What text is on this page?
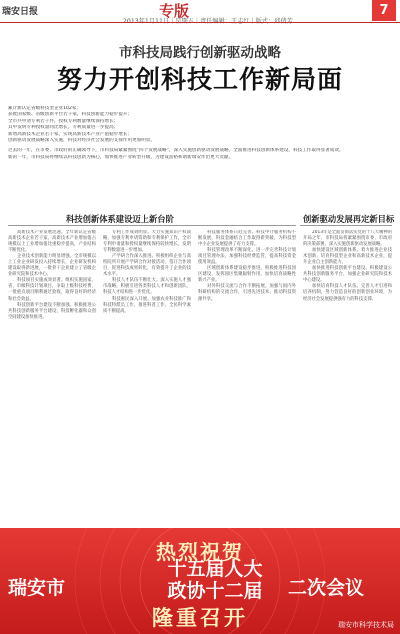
瑞安日报	专版	7
市科技局践行创新驱动战略
努力开创科技工作新局面
累计新认定省级科技型企业102家；
获批国家级、省级创新平台若干家，科技创新能力稳步提升；
全市共申请专利若干件，授权专利数量继续保持增长；
其中发明专利授权量同比增长，专利质量进一步提高；
新增高新技术企业若干家，实现高新技术产业产值稳步增长；
创新驱动发展战略深入实施，科技对经济社会发展的支撑作用更加明显。
过去的一年，在市委、市政府的正确领导下，市科技局紧紧围绕“四个发展战略”，深入实施创新驱动发展战略，全面推进科技创新体系建设，科技工作取得显著成效。
新的一年，市科技局将继续以科技创新为核心，加快推进产业转型升级，为建设富裕和谐新瑞安作出更大贡献。
科技创新体系建设迈上新台阶	创新驱动发展再定新目标

高新技术产业发展迅速。全年新认定省级高新技术企业若干家，高新技术产业增加值占规模以上工业增加值比重稳步提高，产业结构不断优化。

企业技术创新能力明显增强。全市规模以上工业企业研发投入持续增长，企业研发机构建设取得新进展，一批骨干企业建立了省级企业研究院和技术中心。

科技项目实施成效显著。组织实施国家、省、市级科技计划项目，争取上级科技经费，一批重点项目顺利通过验收，取得良好的经济和社会效益。

科技创新平台建设不断加强。积极推进公共科技创新服务平台建设，科技孵化器和众创空间建设加快推进。

专利工作成效明显。大力实施知识产权战略，加强专利申请资助和专利保护工作，全市专利申请量和授权量继续保持较快增长，发明专利数量进一步增加。

产学研合作深入推进。积极组织企业与高校院所开展产学研合作对接活动，签订合作项目，促进科技成果转化，有效提升了企业的技术水平。

科技人才队伍不断壮大。深入实施人才强市战略，积极引进各类科技人才和创新团队，科技人才结构进一步优化。

科技惠民深入开展。加强农业科技推广和科技特派员工作，推进科普工作，全民科学素质不断提高。

科技服务体系日趋完善。科技中介服务机构不断发展，科技金融结合工作取得新突破，为科技型中小企业发展提供了有力支撑。

科技管理改革不断深化。进一步完善科技计划项目管理办法，加强科技经费监管，提高科技资金使用效益。

区域创新体系建设稳步推进。积极推进科技园区建设，发挥园区集聚辐射作用，加快培育战略性新兴产业。

对外科技交流与合作不断拓展。加强与国内外科研机构的交流合作，引进先进技术，推动科技资源共享。

2013年是全面贯彻落实党的十八大精神的开局之年，市科技局将紧紧围绕市委、市政府的决策部署，深入实施创新驱动发展战略。

加快建设区域创新体系。着力推进企业技术创新，培育科技型企业和高新技术企业，提升企业自主创新能力。

加快推进科技创新平台建设。积极建设公共科技创新服务平台，加强企业研究院和技术中心建设。

加快培育科技人才队伍。完善人才引进和培养机制，努力营造良好的创新创业环境，为经济社会发展提供强有力的科技支撑。

热烈祝贺
瑞安市
十五届人大
政协十二届	二次会议
隆重召开	瑞安市科学技术局
